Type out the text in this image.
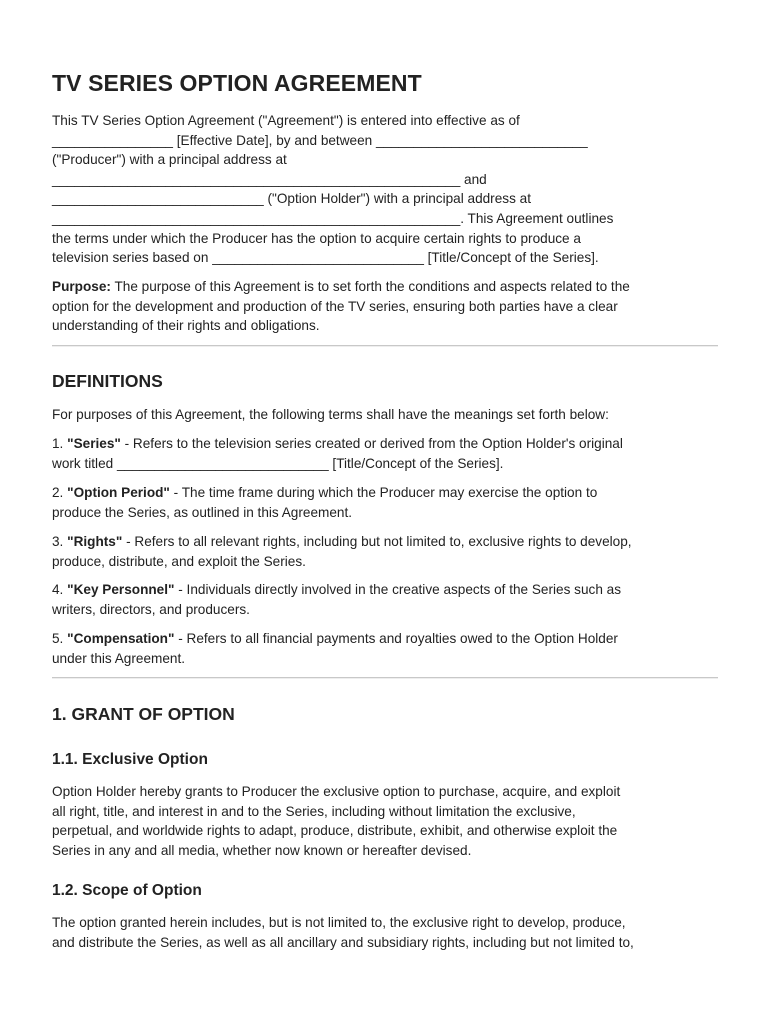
TV SERIES OPTION AGREEMENT

This TV Series Option Agreement ("Agreement") is entered into effective as of
________________ [Effective Date], by and between ____________________________
("Producer") with a principal address at
______________________________________________________ and
____________________________ ("Option Holder") with a principal address at
______________________________________________________. This Agreement outlines
the terms under which the Producer has the option to acquire certain rights to produce a
television series based on ____________________________ [Title/Concept of the Series].

Purpose: The purpose of this Agreement is to set forth the conditions and aspects related to the
option for the development and production of the TV series, ensuring both parties have a clear
understanding of their rights and obligations.

DEFINITIONS

For purposes of this Agreement, the following terms shall have the meanings set forth below:

1. "Series" - Refers to the television series created or derived from the Option Holder's original
work titled ____________________________ [Title/Concept of the Series].

2. "Option Period" - The time frame during which the Producer may exercise the option to
produce the Series, as outlined in this Agreement.

3. "Rights" - Refers to all relevant rights, including but not limited to, exclusive rights to develop,
produce, distribute, and exploit the Series.

4. "Key Personnel" - Individuals directly involved in the creative aspects of the Series such as
writers, directors, and producers.

5. "Compensation" - Refers to all financial payments and royalties owed to the Option Holder
under this Agreement.

1. GRANT OF OPTION
1.1. Exclusive Option

Option Holder hereby grants to Producer the exclusive option to purchase, acquire, and exploit
all right, title, and interest in and to the Series, including without limitation the exclusive,
perpetual, and worldwide rights to adapt, produce, distribute, exhibit, and otherwise exploit the
Series in any and all media, whether now known or hereafter devised.

1.2. Scope of Option

The option granted herein includes, but is not limited to, the exclusive right to develop, produce,
and distribute the Series, as well as all ancillary and subsidiary rights, including but not limited to,
